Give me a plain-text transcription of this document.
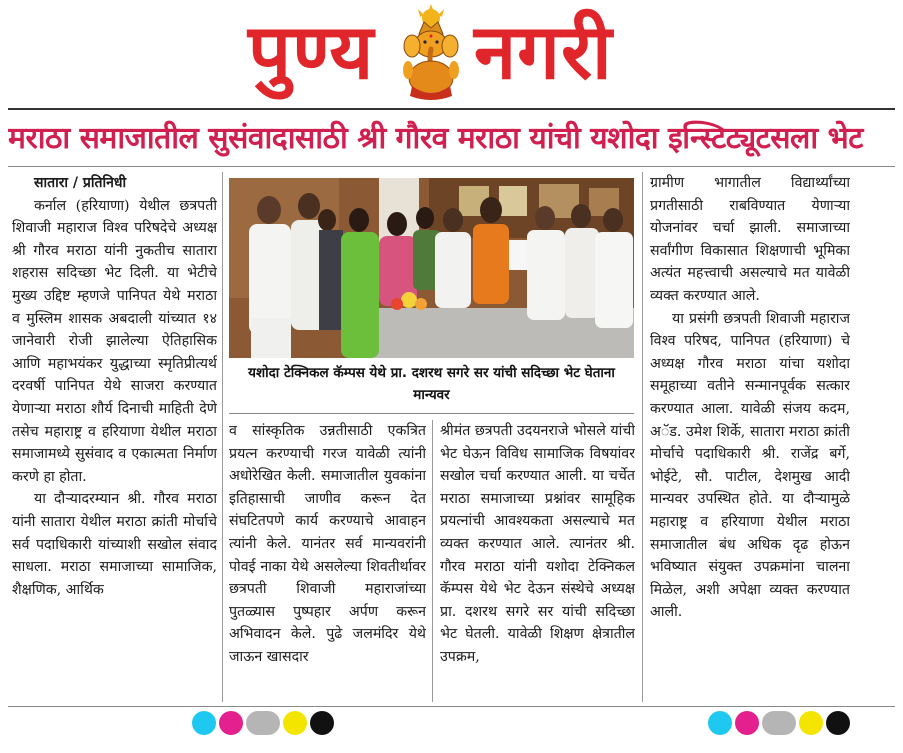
पुण्य नगरी
मराठा समाजातील सुसंवादासाठी श्री गौरव मराठा यांची यशोदा इन्स्टिट्यूटसला भेट

सातारा / प्रतिनिधी

कर्नाल (हरियाणा) येथील छत्रपती शिवाजी महाराज विश्व परिषदेचे अध्यक्ष श्री गौरव मराठा यांनी नुकतीच सातारा शहरास सदिच्छा भेट दिली. या भेटीचे मुख्य उद्दिष्ट म्हणजे पानिपत येथे मराठा व मुस्लिम शासक अबदाली यांच्यात १४ जानेवारी रोजी झालेल्या ऐतिहासिक आणि महाभयंकर युद्धाच्या स्मृतिप्रीत्यर्थ दरवर्षी पानिपत येथे साजरा करण्यात येणाऱ्या मराठा शौर्य दिनाची माहिती देणे तसेच महाराष्ट्र व हरियाणा येथील मराठा समाजामध्ये सुसंवाद व एकात्मता निर्माण करणे हा होता.

या दौऱ्यादरम्यान श्री. गौरव मराठा यांनी सातारा येथील मराठा क्रांती मोर्चाचे सर्व पदाधिकारी यांच्याशी सखोल संवाद साधला. मराठा समाजाच्या सामाजिक, शैक्षणिक, आर्थिक

यशोदा टेक्निकल कॅम्पस येथे प्रा. दशरथ सगरे सर यांची सदिच्छा भेट घेताना मान्यवर

व सांस्कृतिक उन्नतीसाठी एकत्रित प्रयत्न करण्याची गरज यावेळी त्यांनी अधोरेखित केली. समाजातील युवकांना इतिहासाची जाणीव करून देत संघटितपणे कार्य करण्याचे आवाहन त्यांनी केले. यानंतर सर्व मान्यवरांनी पोवई नाका येथे असलेल्या शिवतीर्थावर छत्रपती शिवाजी महाराजांच्या पुतळ्यास पुष्पहार अर्पण करून अभिवादन केले. पुढे जलमंदिर येथे जाऊन खासदार

श्रीमंत छत्रपती उदयनराजे भोसले यांची भेट घेऊन विविध सामाजिक विषयांवर सखोल चर्चा करण्यात आली. या चर्चेत मराठा समाजाच्या प्रश्नांवर सामूहिक प्रयत्नांची आवश्यकता असल्याचे मत व्यक्त करण्यात आले. त्यानंतर श्री. गौरव मराठा यांनी यशोदा टेक्निकल कॅम्पस येथे भेट देऊन संस्थेचे अध्यक्ष प्रा. दशरथ सगरे सर यांची सदिच्छा भेट घेतली. यावेळी शिक्षण क्षेत्रातील उपक्रम,

ग्रामीण भागातील विद्यार्थ्यांच्या प्रगतीसाठी राबविण्यात येणाऱ्या योजनांवर चर्चा झाली. समाजाच्या सर्वांगीण विकासात शिक्षणाची भूमिका अत्यंत महत्त्वाची असल्याचे मत यावेळी व्यक्त करण्यात आले.

या प्रसंगी छत्रपती शिवाजी महाराज विश्व परिषद, पानिपत (हरियाणा) चे अध्यक्ष गौरव मराठा यांचा यशोदा समूहाच्या वतीने सन्मानपूर्वक सत्कार करण्यात आला. यावेळी संजय कदम, अॅड. उमेश शिर्के, सातारा मराठा क्रांती मोर्चाचे पदाधिकारी श्री. राजेंद्र बर्गे, भोईटे, सौ. पाटील, देशमुख आदी मान्यवर उपस्थित होते. या दौऱ्यामुळे महाराष्ट्र व हरियाणा येथील मराठा समाजातील बंध अधिक दृढ होऊन भविष्यात संयुक्त उपक्रमांना चालना मिळेल, अशी अपेक्षा व्यक्त करण्यात आली.
